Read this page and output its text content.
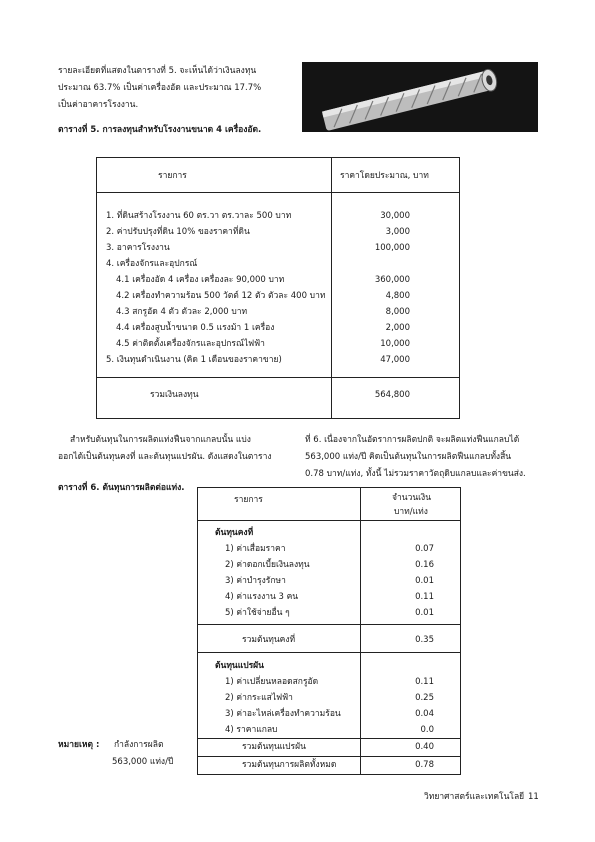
รายละเอียดที่แสดงในตารางที่ 5. จะเห็นได้ว่าเงินลงทุน
ประมาณ 63.7% เป็นค่าเครื่องอัด และประมาณ 17.7%
เป็นค่าอาคารโรงงาน.
ตารางที่ 5. การลงทุนสำหรับโรงงานขนาด 4 เครื่องอัด.
รายการ	ราคาโดยประมาณ, บาท
1. ที่ดินสร้างโรงงาน 60 ตร.วา ตร.วาละ 500 บาท	30,000
2. ค่าปรับปรุงที่ดิน 10% ของราคาที่ดิน	3,000
3. อาคารโรงงาน	100,000
4. เครื่องจักรและอุปกรณ์
4.1 เครื่องอัด 4 เครื่อง เครื่องละ 90,000 บาท	360,000
4.2 เครื่องทำความร้อน 500 วัตต์ 12 ตัว ตัวละ 400 บาท	4,800
4.3 สกรูอัด 4 ตัว ตัวละ 2,000 บาท	8,000
4.4 เครื่องสูบน้ำขนาด 0.5 แรงม้า 1 เครื่อง	2,000
4.5 ค่าติดตั้งเครื่องจักรและอุปกรณ์ไฟฟ้า	10,000
5. เงินทุนดำเนินงาน (คิด 1 เดือนของราคาขาย)	47,000
รวมเงินลงทุน	564,800
สำหรับต้นทุนในการผลิตแท่งฟืนจากแกลบนั้น แบ่ง
ออกได้เป็นต้นทุนคงที่ และต้นทุนแปรผัน. ดังแสดงในตาราง
ที่ 6. เนื่องจากในอัตราการผลิตปกติ จะผลิตแท่งฟืนแกลบได้
563,000 แท่ง/ปี คิดเป็นต้นทุนในการผลิตฟืนแกลบทั้งสิ้น
0.78 บาท/แท่ง, ทั้งนี้ ไม่รวมราคาวัตถุดิบแกลบและค่าขนส่ง.
ตารางที่ 6. ต้นทุนการผลิตต่อแท่ง.
รายการ	จำนวนเงิน
บาท/แท่ง
ต้นทุนคงที่
1) ค่าเสื่อมราคา	0.07
2) ค่าดอกเบี้ยเงินลงทุน	0.16
3) ค่าบำรุงรักษา	0.01
4) ค่าแรงงาน 3 คน	0.11
5) ค่าใช้จ่ายอื่น ๆ	0.01
รวมต้นทุนคงที่	0.35
ต้นทุนแปรผัน
1) ค่าเปลี่ยนหลอดสกรูอัด	0.11
2) ค่ากระแสไฟฟ้า	0.25
3) ค่าอะไหล่เครื่องทำความร้อน	0.04
4) ราคาแกลบ	0.0
รวมต้นทุนแปรผัน	0.40
รวมต้นทุนการผลิตทั้งหมด	0.78
หมายเหตุ : กำลังการผลิต
563,000 แท่ง/ปี
วิทยาศาสตร์และเทคโนโลยี 11
